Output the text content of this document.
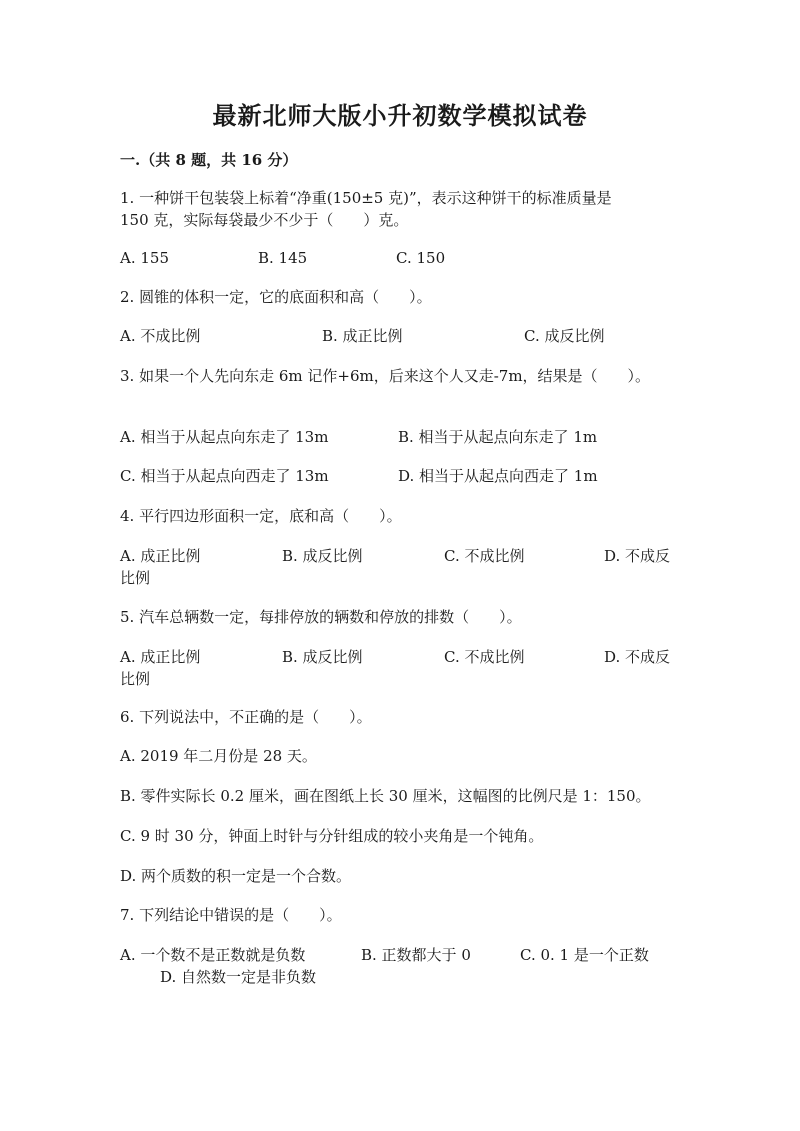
最新北师大版小升初数学模拟试卷
一.（共 8 题，共 16 分）
1. 一种饼干包装袋上标着“净重(150±5 克)”，表示这种饼干的标准质量是
150 克，实际每袋最少不少于（　　）克。
A. 155	B. 145	C. 150
2. 圆锥的体积一定，它的底面积和高（　　）。
A. 不成比例	B. 成正比例	C. 成反比例
3. 如果一个人先向东走 6m 记作+6m，后来这个人又走-7m，结果是（　　）。
A. 相当于从起点向东走了 13m	B. 相当于从起点向东走了 1m
C. 相当于从起点向西走了 13m	D. 相当于从起点向西走了 1m
4. 平行四边形面积一定，底和高（　　）。
A. 成正比例	B. 成反比例	C. 不成比例	D. 不成反
比例
5. 汽车总辆数一定，每排停放的辆数和停放的排数（　　）。
A. 成正比例	B. 成反比例	C. 不成比例	D. 不成反
比例
6. 下列说法中，不正确的是（　　）。
A. 2019 年二月份是 28 天。
B. 零件实际长 0.2 厘米，画在图纸上长 30 厘米，这幅图的比例尺是 1：150。
C. 9 时 30 分，钟面上时针与分针组成的较小夹角是一个钝角。
D. 两个质数的积一定是一个合数。
7. 下列结论中错误的是（　　）。
A. 一个数不是正数就是负数	B. 正数都大于 0	C. 0. 1 是一个正数
D. 自然数一定是非负数
